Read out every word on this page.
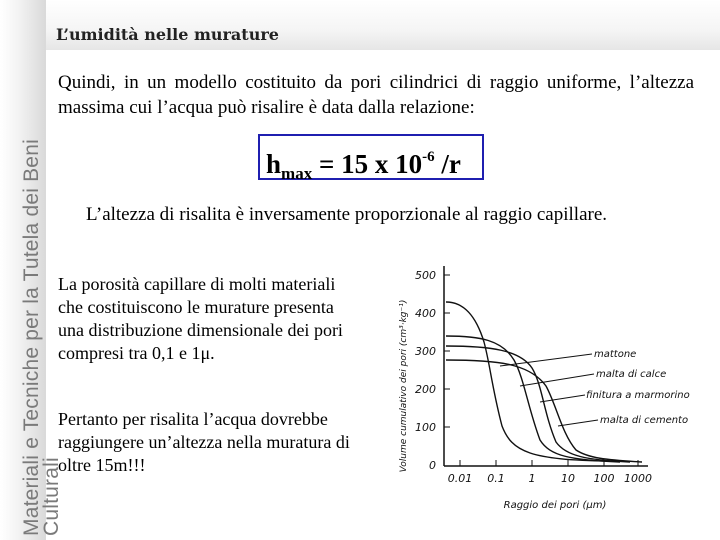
Materiali e Tecniche per la Tutela dei Beni
Culturali
L’umidità nelle murature
Quindi, in un modello costituito da pori cilindrici di raggio uniforme, l’altezza massima cui l’acqua può risalire è data dalla relazione:
$h_{max} = 15$ x $10^{-6}$ /r
L’altezza di risalita è inversamente proporzionale al raggio capillare.
La porosità capillare di molti materiali che costituiscono le murature presenta una distribuzione dimensionale dei pori compresi tra 0,1 e 1μ.
Pertanto per risalita l’acqua dovrebbe raggiungere un’altezza nella muratura di oltre 15m!!!	Volume cumulativo dei pori (cm³·kg⁻¹) 0
100
200
300
400
500
0.01 0.1 1 10 100 1000
Raggio dei pori (μm)
mattone
malta di calce
finitura a marmorino
malta di cemento
